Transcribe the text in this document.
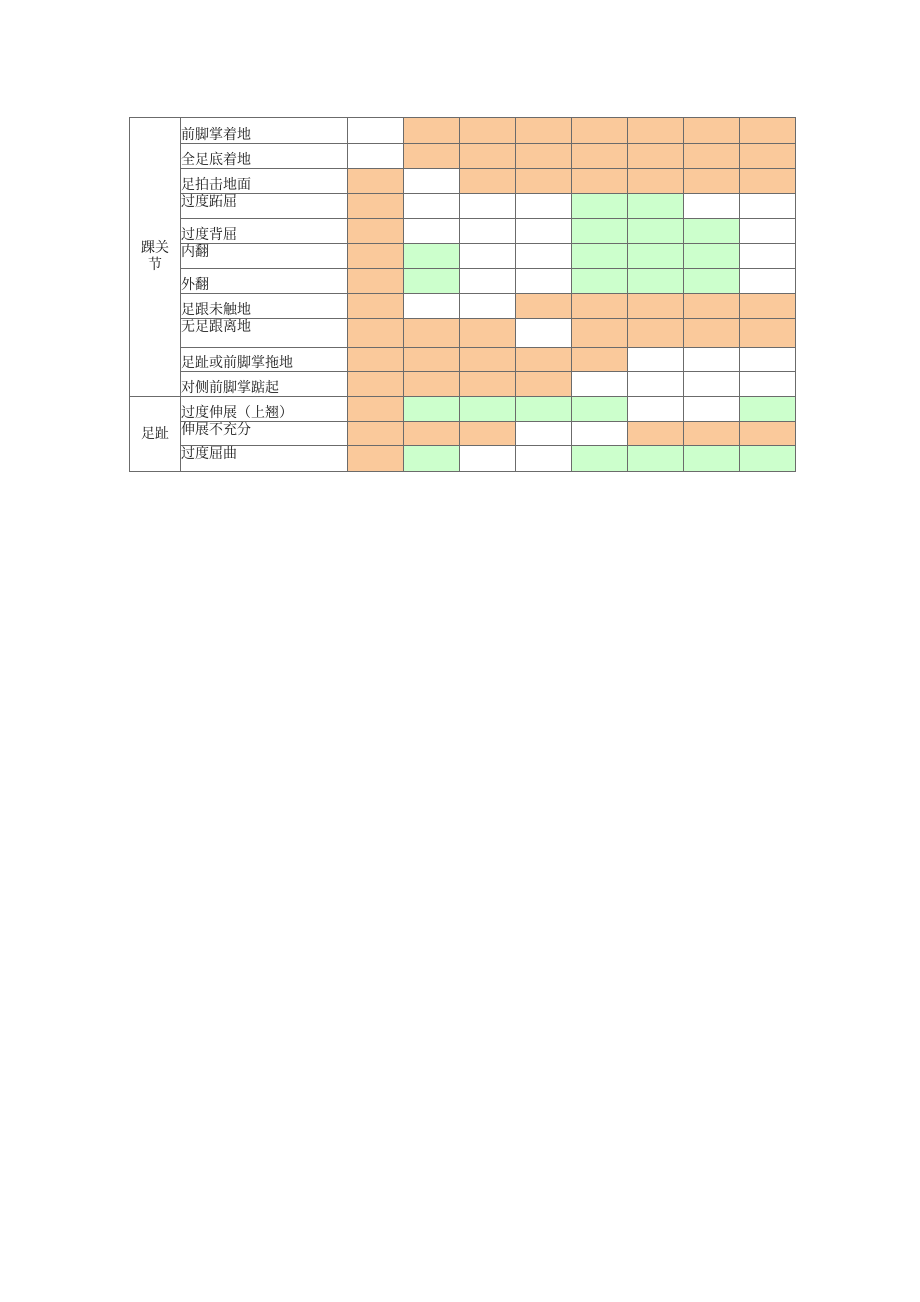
踝关节	前脚掌着地								
	全足底着地								
	足拍击地面								
	过度跖屈								
	过度背屈								
	内翻								
	外翻								
	足跟未触地								
	无足跟离地								
	足趾或前脚掌拖地								
	对侧前脚掌踮起								
足趾	过度伸展（上翘）								
	伸展不充分								
	过度屈曲								
